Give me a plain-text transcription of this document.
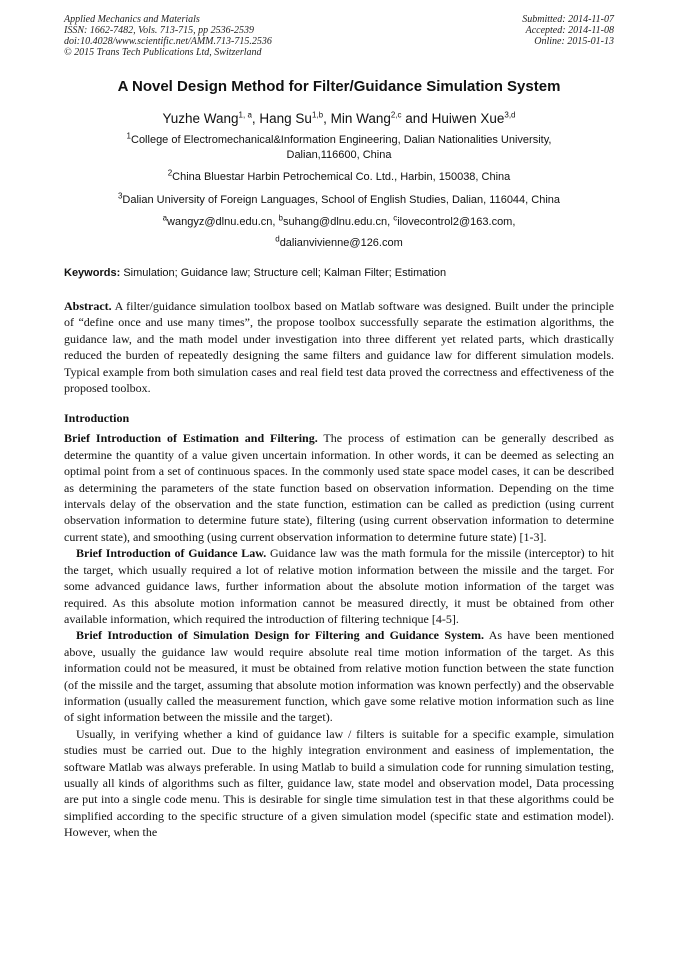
Applied Mechanics and Materials
ISSN: 1662-7482, Vols. 713-715, pp 2536-2539
doi:10.4028/www.scientific.net/AMM.713-715.2536
© 2015 Trans Tech Publications Ltd, Switzerland
Submitted: 2014-11-07
Accepted: 2014-11-08
Online: 2015-01-13
A Novel Design Method for Filter/Guidance Simulation System
Yuzhe Wang$^{1, a}$, Hang Su$^{1,b}$, Min Wang$^{2,c}$ and Huiwen Xue$^{3,d}$
$^1$College of Electromechanical&Information Engineering, Dalian Nationalities University,
Dalian,116600, China
$^2$China Bluestar Harbin Petrochemical Co. Ltd., Harbin, 150038, China
$^3$Dalian University of Foreign Languages, School of English Studies, Dalian, 116044, China
$^a$wangyz@dlnu.edu.cn, $^b$suhang@dlnu.edu.cn, $^c$ilovecontrol2@163.com,
$^d$dalianvivienne@126.com
Keywords: Simulation; Guidance law; Structure cell; Kalman Filter; Estimation
Abstract. A filter/guidance simulation toolbox based on Matlab software was designed. Built under the principle of “define once and use many times”, the propose toolbox successfully separate the estimation algorithms, the guidance law, and the math model under investigation into three different yet related parts, which drastically reduced the burden of repeatedly designing the same filters and guidance law for different simulation models. Typical example from both simulation cases and real field test data proved the correctness and effectiveness of the proposed toolbox.
Introduction
Brief Introduction of Estimation and Filtering. The process of estimation can be generally described as determine the quantity of a value given uncertain information. In other words, it can be deemed as selecting an optimal point from a set of continuous spaces. In the commonly used state space model cases, it can be described as determining the parameters of the state function based on observation information. Depending on the time intervals delay of the observation and the state function, estimation can be called as prediction (using current observation information to determine future state), filtering (using current observation information to determine current state), and smoothing (using current observation information to determine future state) [1-3].
Brief Introduction of Guidance Law. Guidance law was the math formula for the missile (interceptor) to hit the target, which usually required a lot of relative motion information between the missile and the target. For some advanced guidance laws, further information about the absolute motion information of the target was required. As this absolute motion information cannot be measured directly, it must be obtained from other available information, which required the introduction of filtering technique [4-5].
Brief Introduction of Simulation Design for Filtering and Guidance System. As have been mentioned above, usually the guidance law would require absolute real time motion information of the target. As this information could not be measured, it must be obtained from relative motion function between the state function (of the missile and the target, assuming that absolute motion information was known perfectly) and the observable information (usually called the measurement function, which gave some relative motion information such as line of sight information between the missile and the target).
Usually, in verifying whether a kind of guidance law / filters is suitable for a specific example, simulation studies must be carried out. Due to the highly integration environment and easiness of implementation, the software Matlab was always preferable. In using Matlab to build a simulation code for running simulation testing, usually all kinds of algorithms such as filter, guidance law, state model and observation model, Data processing are put into a single code menu. This is desirable for single time simulation test in that these algorithms could be simplified according to the specific structure of a given simulation model (specific state and estimation model). However, when the
